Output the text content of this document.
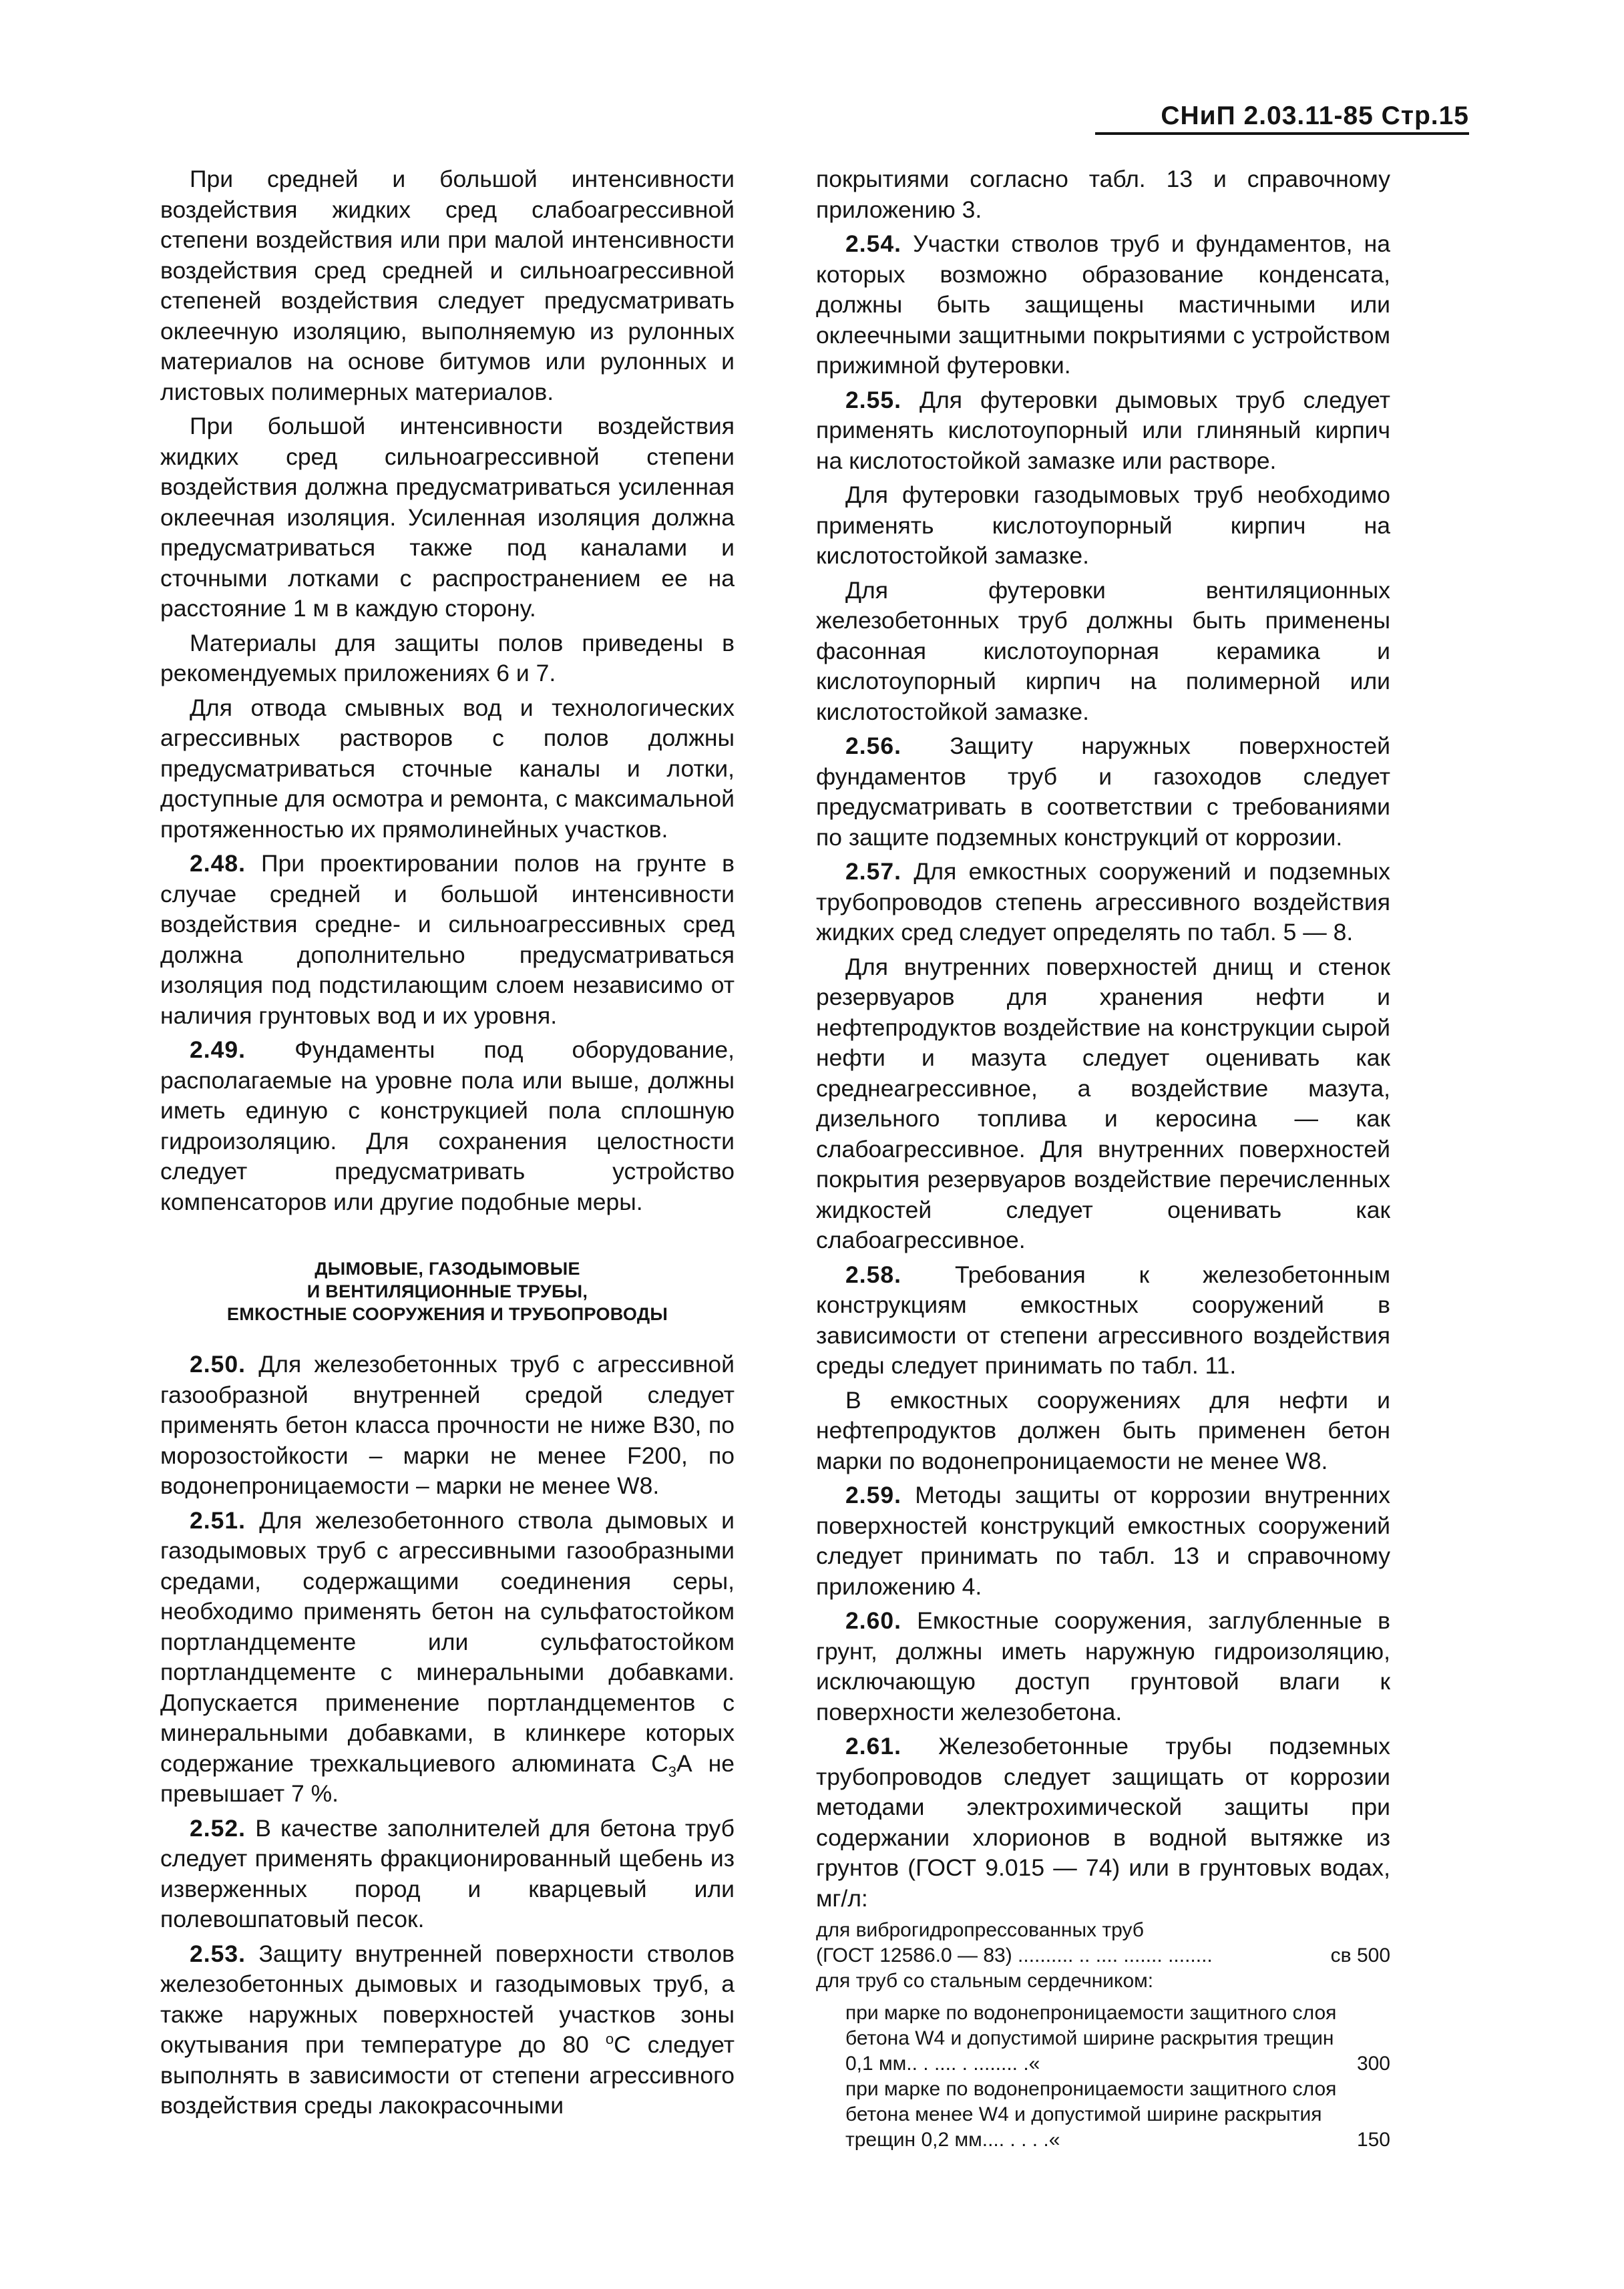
СНиП 2.03.11-85 Стр.15

При средней и большой интенсивности воздействия жидких сред слабоагрессивной степени воздействия или при малой интенсивности воздействия сред средней и сильноагрессивной степеней воздействия следует предусматривать оклеечную изоляцию, выполняемую из рулонных материалов на основе битумов или рулонных и листовых полимерных материалов.

При большой интенсивности воздействия жидких сред сильноагрессивной степени воздействия должна предусматриваться усиленная оклеечная изоляция. Усиленная изоляция должна предусматриваться также под каналами и сточными лотками с распространением ее на расстояние 1 м в каждую сторону.

Материалы для защиты полов приведены в рекомендуемых приложениях 6 и 7.

Для отвода смывных вод и технологических агрессивных растворов с полов должны предусматриваться сточные каналы и лотки, доступные для осмотра и ремонта, с максимальной протяженностью их прямолинейных участков.

2.48. При проектировании полов на грунте в случае средней и большой интенсивности воздействия средне- и сильноагрессивных сред должна дополнительно предусматриваться изоляция под подстилающим слоем независимо от наличия грунтовых вод и их уровня.

2.49. Фундаменты под оборудование, располагаемые на уровне пола или выше, должны иметь единую с конструкцией пола сплошную гидроизоляцию. Для сохранения целостности следует предусматривать устройство компенсаторов или другие подобные меры.

ДЫМОВЫЕ, ГАЗОДЫМОВЫЕ
И ВЕНТИЛЯЦИОННЫЕ ТРУБЫ,
ЕМКОСТНЫЕ СООРУЖЕНИЯ И ТРУБОПРОВОДЫ

2.50. Для железобетонных труб с агрессивной газообразной внутренней средой следует применять бетон класса прочности не ниже В30, по морозостойкости – марки не менее F200, по водонепроницаемости – марки не менее W8.

2.51. Для железобетонного ствола дымовых и газодымовых труб с агрессивными газообразными средами, содержащими соединения серы, необходимо применять бетон на сульфатостойком портландцементе или сульфатостойком портландцементе с минеральными добавками. Допускается применение портландцементов с минеральными добавками, в клинкере которых содержание трехкальциевого алюмината $С_3А$ не превышает 7 %.

2.52. В качестве заполнителей для бетона труб следует применять фракционированный щебень из изверженных пород и кварцевый или полевошпатовый песок.

2.53. Защиту внутренней поверхности стволов железобетонных дымовых и газодымовых труб, а также наружных поверхностей участков зоны окутывания при температуре до 80 $^о$С следует выполнять в зависимости от степени агрессивного воздействия среды лакокрасочными

покрытиями согласно табл. 13 и справочному приложению 3.

2.54. Участки стволов труб и фундаментов, на которых возможно образование конденсата, должны быть защищены мастичными или оклеечными защитными покрытиями с устройством прижимной футеровки.

2.55. Для футеровки дымовых труб следует применять кислотоупорный или глиняный кирпич на кислотостойкой замазке или растворе.

Для футеровки газодымовых труб необходимо применять кислотоупорный кирпич на кислотостойкой замазке.

Для футеровки вентиляционных железобетонных труб должны быть применены фасонная кислотоупорная керамика и кислотоупорный кирпич на полимерной или кислотостойкой замазке.

2.56. Защиту наружных поверхностей фундаментов труб и газоходов следует предусматривать в соответствии с требованиями по защите подземных конструкций от коррозии.

2.57. Для емкостных сооружений и подземных трубопроводов степень агрессивного воздействия жидких сред следует определять по табл. 5 — 8.

Для внутренних поверхностей днищ и стенок резервуаров для хранения нефти и нефтепродуктов воздействие на конструкции сырой нефти и мазута следует оценивать как среднеагрессивное, а воздействие мазута, дизельного топлива и керосина — как слабоагрессивное. Для внутренних поверхностей покрытия резервуаров воздействие перечисленных жидкостей следует оценивать как слабоагрессивное.

2.58. Требования к железобетонным конструкциям емкостных сооружений в зависимости от степени агрессивного воздействия среды следует принимать по табл. 11.

В емкостных сооружениях для нефти и нефтепродуктов должен быть применен бетон марки по водонепроницаемости не менее W8.

2.59. Методы защиты от коррозии внутренних поверхностей конструкций емкостных сооружений следует принимать по табл. 13 и справочному приложению 4.

2.60. Емкостные сооружения, заглубленные в грунт, должны иметь наружную гидроизоляцию, исключающую доступ грунтовой влаги к поверхности железобетона.

2.61. Железобетонные трубы подземных трубопроводов следует защищать от коррозии методами электрохимической защиты при содержании хлорионов в водной вытяжке из грунтов (ГОСТ 9.015 — 74) или в грунтовых водах, мг/л:

для виброгидропрессованных труб
(ГОСТ 12586.0 — 83) .......... .. .... ....... ........	св 500
для труб со стальным сердечником:
при марке по водонепроницаемости защитного слоя бетона W4 и допустимой ширине раскрытия трещин 0,1 мм.. . .... . ........ .«	300
при марке по водонепроницаемости защитного слоя бетона менее W4 и допустимой ширине раскрытия трещин 0,2 мм.... . . . .«	150
